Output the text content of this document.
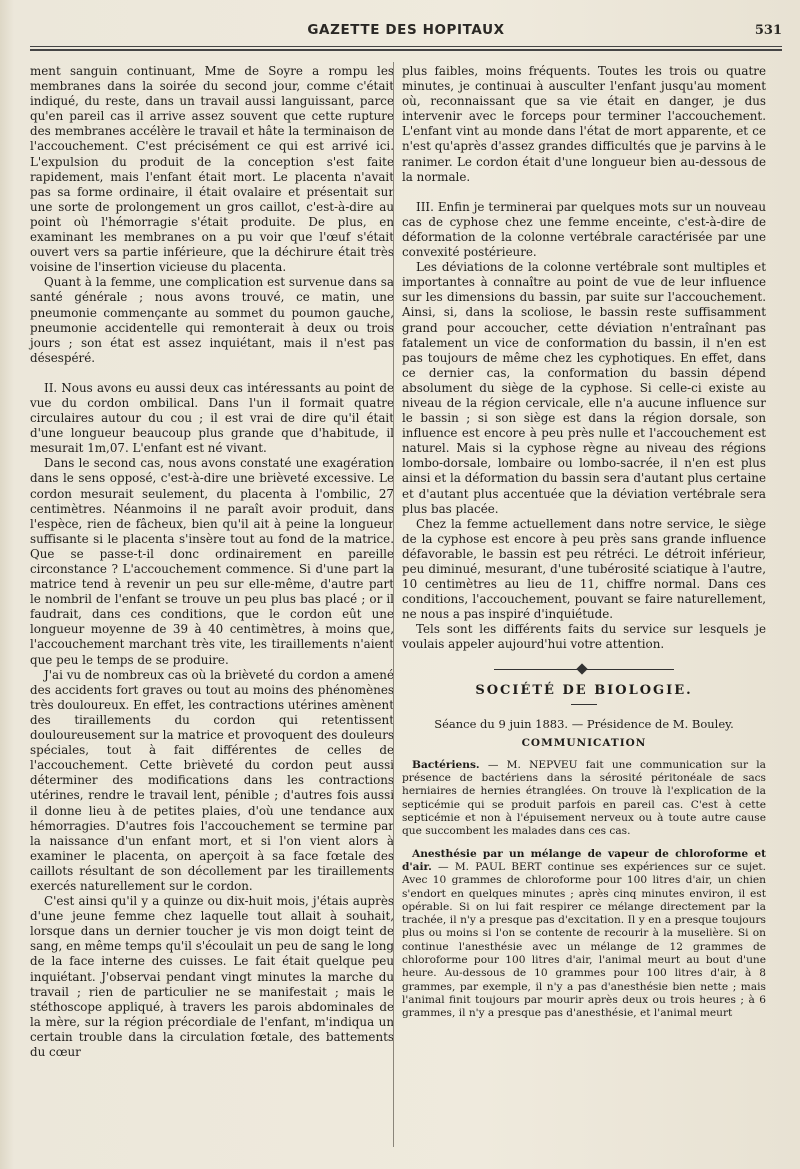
GAZETTE DES HOPITAUX	531

ment sanguin continuant, Mme de Soyre a rompu les membranes dans la soirée du second jour, comme c'était indiqué, du reste, dans un travail aussi languissant, parce qu'en pareil cas il arrive assez souvent que cette rupture des membranes accélère le travail et hâte la terminaison de l'accouchement. C'est précisément ce qui est arrivé ici. L'expulsion du produit de la conception s'est faite rapidement, mais l'enfant était mort. Le placenta n'avait pas sa forme ordinaire, il était ovalaire et présentait sur une sorte de prolongement un gros caillot, c'est-à-dire au point où l'hémorragie s'était produite. De plus, en examinant les membranes on a pu voir que l'œuf s'était ouvert vers sa partie inférieure, que la déchirure était très voisine de l'insertion vicieuse du placenta.

Quant à la femme, une complication est survenue dans sa santé générale ; nous avons trouvé, ce matin, une pneumonie commençante au sommet du poumon gauche, pneumonie accidentelle qui remonterait à deux ou trois jours ; son état est assez inquiétant, mais il n'est pas désespéré.

II. Nous avons eu aussi deux cas intéressants au point de vue du cordon ombilical. Dans l'un il formait quatre circulaires autour du cou ; il est vrai de dire qu'il était d'une longueur beaucoup plus grande que d'habitude, il mesurait 1m,07. L'enfant est né vivant.

Dans le second cas, nous avons constaté une exagération dans le sens opposé, c'est-à-dire une brièveté excessive. Le cordon mesurait seulement, du placenta à l'ombilic, 27 centimètres. Néanmoins il ne paraît avoir produit, dans l'espèce, rien de fâcheux, bien qu'il ait à peine la longueur suffisante si le placenta s'insère tout au fond de la matrice. Que se passe-t-il donc ordinairement en pareille circonstance ? L'accouchement commence. Si d'une part la matrice tend à revenir un peu sur elle-même, d'autre part le nombril de l'enfant se trouve un peu plus bas placé ; or il faudrait, dans ces conditions, que le cordon eût une longueur moyenne de 39 à 40 centimètres, à moins que, l'accouchement marchant très vite, les tiraillements n'aient que peu le temps de se produire.

J'ai vu de nombreux cas où la brièveté du cordon a amené des accidents fort graves ou tout au moins des phénomènes très douloureux. En effet, les contractions utérines amènent des tiraillements du cordon qui retentissent douloureusement sur la matrice et provoquent des douleurs spéciales, tout à fait différentes de celles de l'accouchement. Cette brièveté du cordon peut aussi déterminer des modifications dans les contractions utérines, rendre le travail lent, pénible ; d'autres fois aussi il donne lieu à de petites plaies, d'où une tendance aux hémorragies. D'autres fois l'accouchement se termine par la naissance d'un enfant mort, et si l'on vient alors à examiner le placenta, on aperçoit à sa face fœtale des caillots résultant de son décollement par les tiraillements exercés naturellement sur le cordon.

C'est ainsi qu'il y a quinze ou dix-huit mois, j'étais auprès d'une jeune femme chez laquelle tout allait à souhait, lorsque dans un dernier toucher je vis mon doigt teint de sang, en même temps qu'il s'écoulait un peu de sang le long de la face interne des cuisses. Le fait était quelque peu inquiétant. J'observai pendant vingt minutes la marche du travail ; rien de particulier ne se manifestait ; mais le stéthoscope appliqué, à travers les parois abdominales de la mère, sur la région précordiale de l'enfant, m'indiqua un certain trouble dans la circulation fœtale, des battements du cœur

plus faibles, moins fréquents. Toutes les trois ou quatre minutes, je continuai à ausculter l'enfant jusqu'au moment où, reconnaissant que sa vie était en danger, je dus intervenir avec le forceps pour terminer l'accouchement. L'enfant vint au monde dans l'état de mort apparente, et ce n'est qu'après d'assez grandes difficultés que je parvins à le ranimer. Le cordon était d'une longueur bien au-dessous de la normale.

III. Enfin je terminerai par quelques mots sur un nouveau cas de cyphose chez une femme enceinte, c'est-à-dire de déformation de la colonne vertébrale caractérisée par une convexité postérieure.

Les déviations de la colonne vertébrale sont multiples et importantes à connaître au point de vue de leur influence sur les dimensions du bassin, par suite sur l'accouchement. Ainsi, si, dans la scoliose, le bassin reste suffisamment grand pour accoucher, cette déviation n'entraînant pas fatalement un vice de conformation du bassin, il n'en est pas toujours de même chez les cyphotiques. En effet, dans ce dernier cas, la conformation du bassin dépend absolument du siège de la cyphose. Si celle-ci existe au niveau de la région cervicale, elle n'a aucune influence sur le bassin ; si son siège est dans la région dorsale, son influence est encore à peu près nulle et l'accouchement est naturel. Mais si la cyphose règne au niveau des régions lombo-dorsale, lombaire ou lombo-sacrée, il n'en est plus ainsi et la déformation du bassin sera d'autant plus certaine et d'autant plus accentuée que la déviation vertébrale sera plus bas placée.

Chez la femme actuellement dans notre service, le siège de la cyphose est encore à peu près sans grande influence défavorable, le bassin est peu rétréci. Le détroit inférieur, peu diminué, mesurant, d'une tubérosité sciatique à l'autre, 10 centimètres au lieu de 11, chiffre normal. Dans ces conditions, l'accouchement, pouvant se faire naturellement, ne nous a pas inspiré d'inquiétude.

Tels sont les différents faits du service sur lesquels je voulais appeler aujourd'hui votre attention.

SOCIÉTÉ DE BIOLOGIE.
Séance du 9 juin 1883. — Présidence de M. Bouley.
COMMUNICATION

Bactériens. — M. NEPVEU fait une communication sur la présence de bactériens dans la sérosité péritonéale de sacs herniaires de hernies étranglées. On trouve là l'explication de la septicémie qui se produit parfois en pareil cas. C'est à cette septicémie et non à l'épuisement nerveux ou à toute autre cause que succombent les malades dans ces cas.

Anesthésie par un mélange de vapeur de chloroforme et d'air. — M. PAUL BERT continue ses expériences sur ce sujet. Avec 10 grammes de chloroforme pour 100 litres d'air, un chien s'endort en quelques minutes ; après cinq minutes environ, il est opérable. Si on lui fait respirer ce mélange directement par la trachée, il n'y a presque pas d'excitation. Il y en a presque toujours plus ou moins si l'on se contente de recourir à la muselière. Si on continue l'anesthésie avec un mélange de 12 grammes de chloroforme pour 100 litres d'air, l'animal meurt au bout d'une heure. Au-dessous de 10 grammes pour 100 litres d'air, à 8 grammes, par exemple, il n'y a pas d'anesthésie bien nette ; mais l'animal finit toujours par mourir après deux ou trois heures ; à 6 grammes, il n'y a presque pas d'anesthésie, et l'animal meurt
